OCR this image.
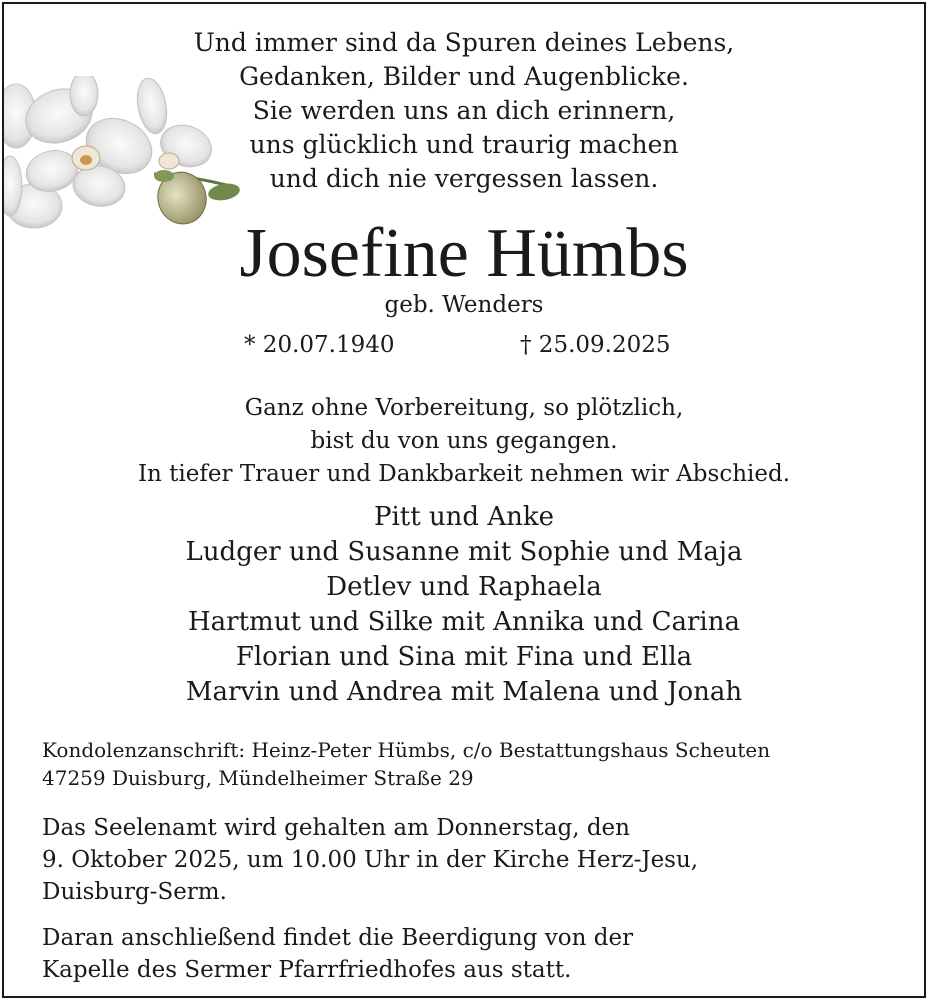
Und immer sind da Spuren deines Lebens,
Gedanken, Bilder und Augenblicke.
Sie werden uns an dich erinnern,
uns glücklich und traurig machen
und dich nie vergessen lassen.
Josefine Hümbs
geb. Wenders
* 20.07.1940	† 25.09.2025
Ganz ohne Vorbereitung, so plötzlich,
bist du von uns gegangen.
In tiefer Trauer und Dankbarkeit nehmen wir Abschied.
Pitt und Anke
Ludger und Susanne mit Sophie und Maja
Detlev und Raphaela
Hartmut und Silke mit Annika und Carina
Florian und Sina mit Fina und Ella
Marvin und Andrea mit Malena und Jonah
Kondolenzanschrift: Heinz-Peter Hümbs, c/o Bestattungshaus Scheuten
47259 Duisburg, Mündelheimer Straße 29
Das Seelenamt wird gehalten am Donnerstag, den
9. Oktober 2025, um 10.00 Uhr in der Kirche Herz-Jesu,
Duisburg-Serm.
Daran anschließend findet die Beerdigung von der
Kapelle des Sermer Pfarrfriedhofes aus statt.
